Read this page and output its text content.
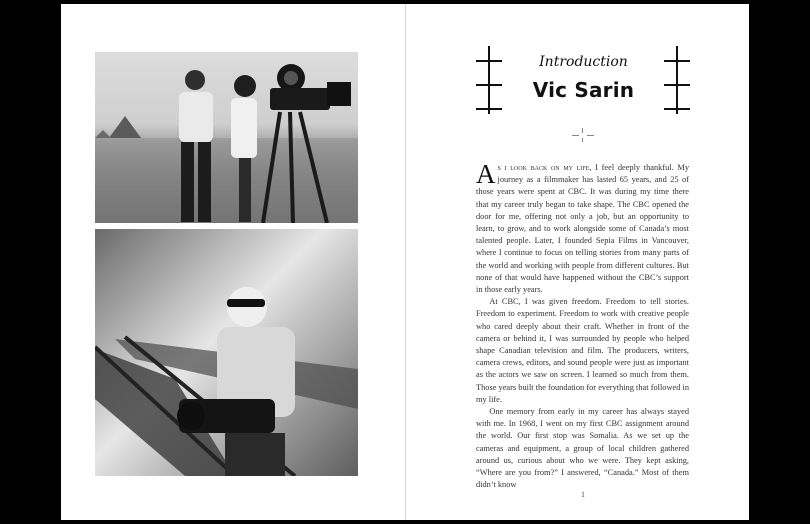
Introduction
Vic Sarin

As i look back on my life, I feel deeply thankful. My journey as a filmmaker has lasted 65 years, and 25 of those years were spent at CBC. It was during my time there that my career truly began to take shape. The CBC opened the door for me, offering not only a job, but an opportunity to learn, to grow, and to work alongside some of Canada’s most talented people. Later, I founded Sepia Films in Vancouver, where I continue to focus on telling stories from many parts of the world and working with people from different cultures. But none of that would have happened without the CBC’s support in those early years.

At CBC, I was given freedom. Freedom to tell stories. Freedom to experiment. Freedom to work with creative people who cared deeply about their craft. Whether in front of the camera or behind it, I was surrounded by people who helped shape Canadian television and film. The producers, writers, camera crews, editors, and sound people were just as important as the actors we saw on screen. I learned so much from them. Those years built the foundation for everything that followed in my life.

One memory from early in my career has always stayed with me. In 1968, I went on my first CBC assignment around the world. Our first stop was Somalia. As we set up the cameras and equipment, a group of local children gathered around us, curious about who we were. They kept asking, “Where are you from?” I answered, “Canada.” Most of them didn’t know

1
